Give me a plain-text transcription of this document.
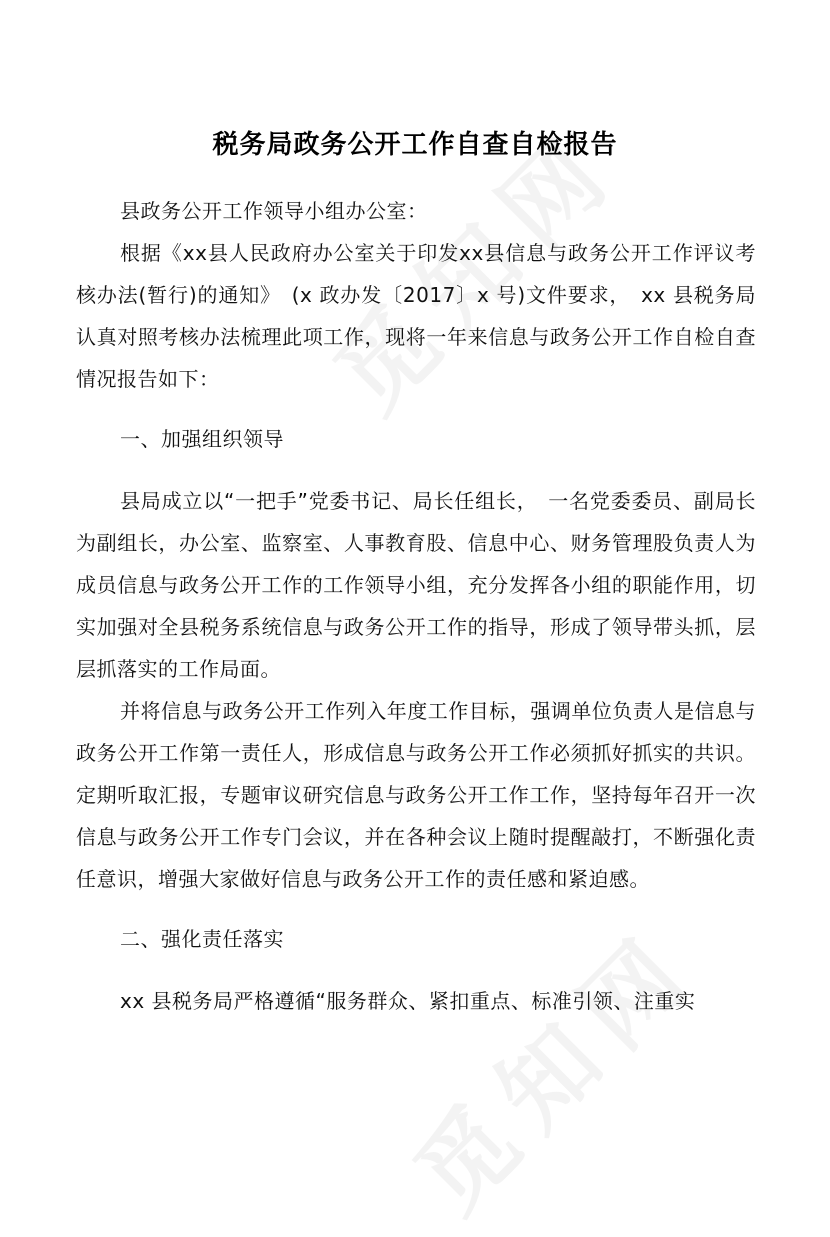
税务局政务公开工作自查自检报告

县政务公开工作领导小组办公室：

根据《xx县人民政府办公室关于印发xx县信息与政务公开工作评议考核办法(暂行)的通知》　(x 政办发〔2017〕x 号)文件要求，　xx 县税务局认真对照考核办法梳理此项工作，现将一年来信息与政务公开工作自检自查情况报告如下：

一、加强组织领导

县局成立以“一把手”党委书记、局长任组长，　一名党委委员、副局长为副组长，办公室、监察室、人事教育股、信息中心、财务管理股负责人为成员信息与政务公开工作的工作领导小组，充分发挥各小组的职能作用，切实加强对全县税务系统信息与政务公开工作的指导，形成了领导带头抓，层层抓落实的工作局面。

并将信息与政务公开工作列入年度工作目标，强调单位负责人是信息与政务公开工作第一责任人，形成信息与政务公开工作必须抓好抓实的共识。定期听取汇报，专题审议研究信息与政务公开工作工作，坚持每年召开一次信息与政务公开工作专门会议，并在各种会议上随时提醒敲打，不断强化责任意识，增强大家做好信息与政务公开工作的责任感和紧迫感。

二、强化责任落实

xx 县税务局严格遵循“服务群众、紧扣重点、标准引领、注重实
